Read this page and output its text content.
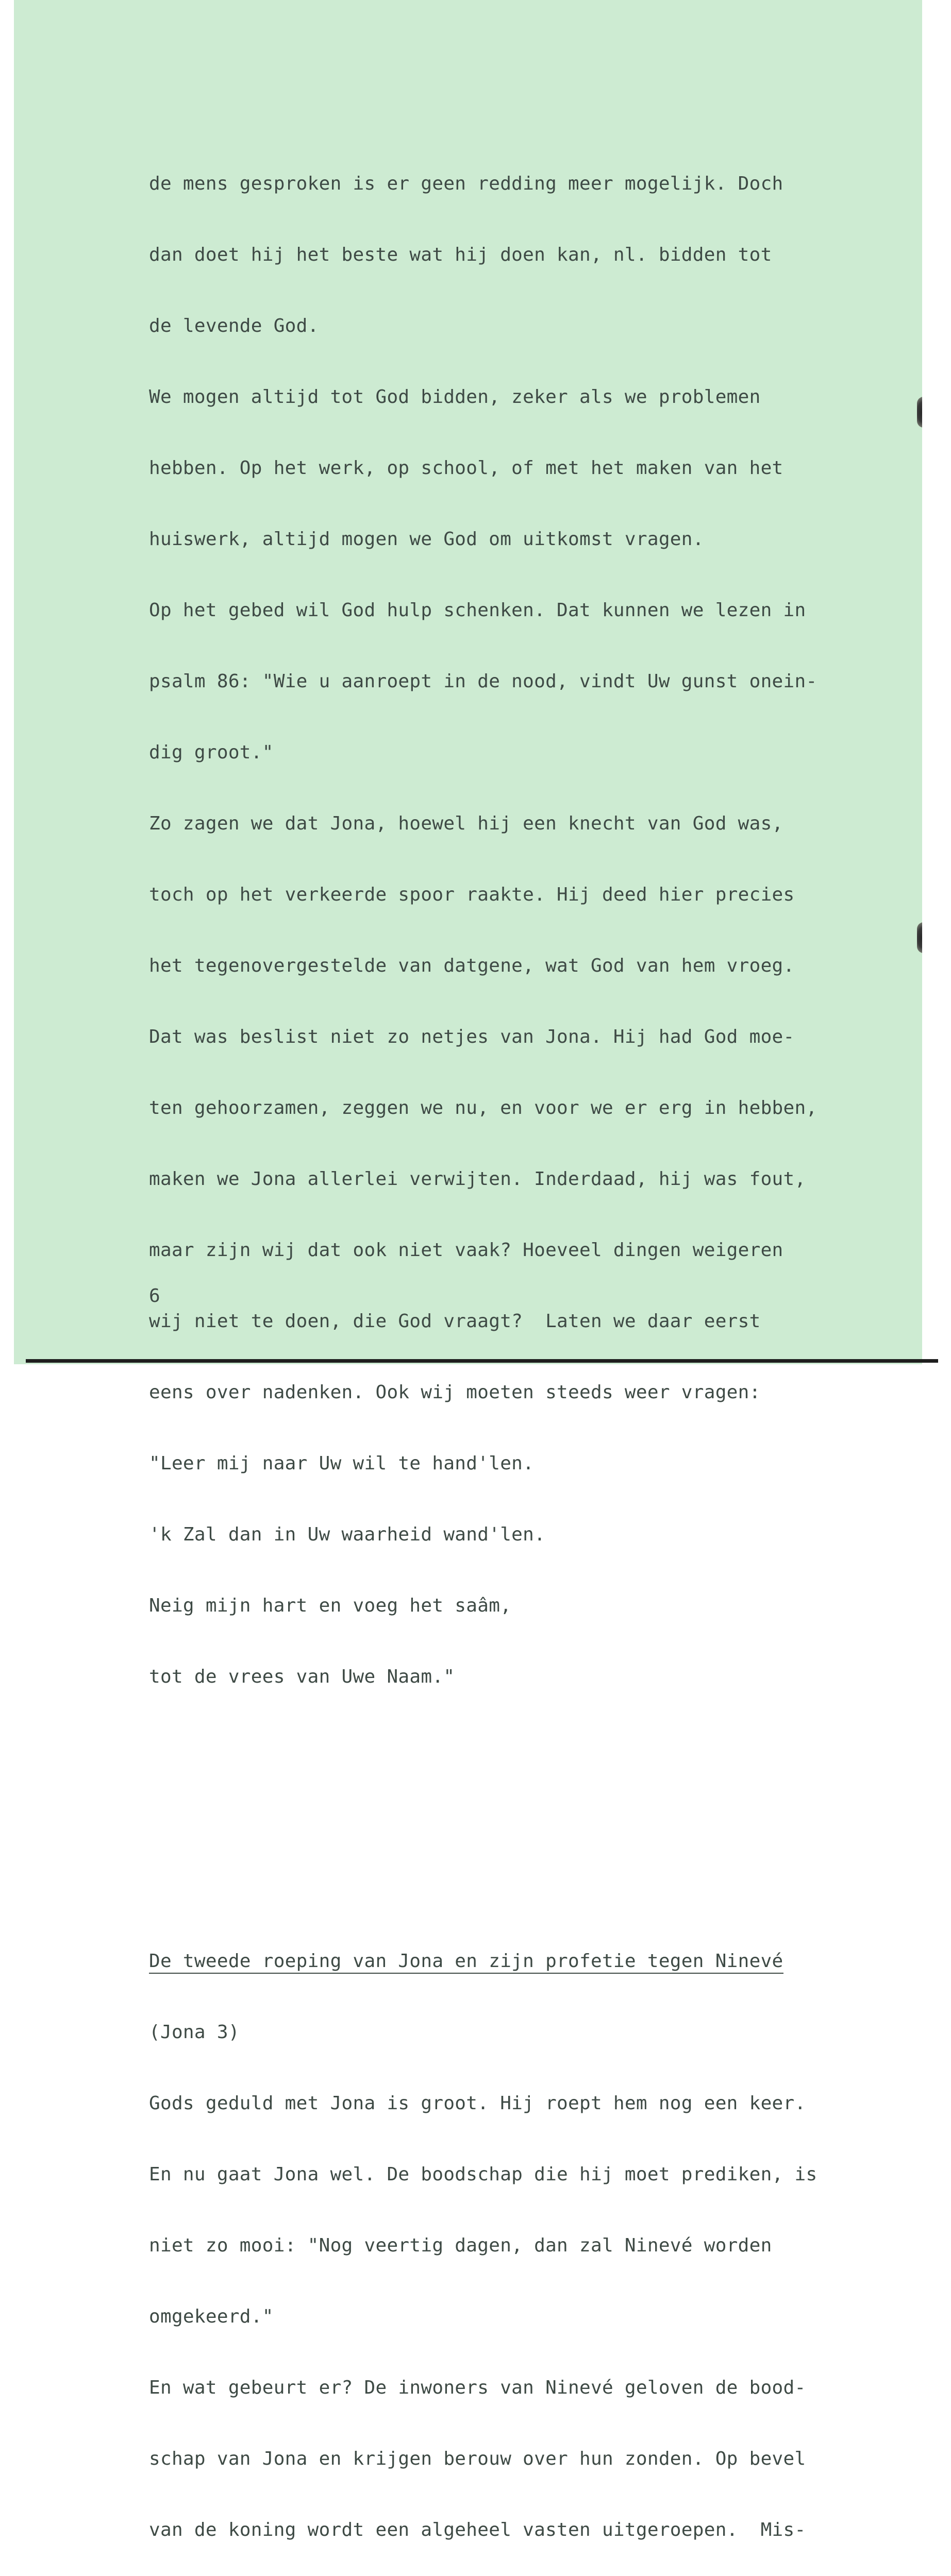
de mens gesproken is er geen redding meer mogelijk. Doch

dan doet hij het beste wat hij doen kan, nl. bidden tot

de levende God.

We mogen altijd tot God bidden, zeker als we problemen

hebben. Op het werk, op school, of met het maken van het

huiswerk, altijd mogen we God om uitkomst vragen.

Op het gebed wil God hulp schenken. Dat kunnen we lezen in

psalm 86: "Wie u aanroept in de nood, vindt Uw gunst onein-

dig groot."

Zo zagen we dat Jona, hoewel hij een knecht van God was,

toch op het verkeerde spoor raakte. Hij deed hier precies

het tegenovergestelde van datgene, wat God van hem vroeg.

Dat was beslist niet zo netjes van Jona. Hij had God moe-

ten gehoorzamen, zeggen we nu, en voor we er erg in hebben,

maken we Jona allerlei verwijten. Inderdaad, hij was fout,

maar zijn wij dat ook niet vaak? Hoeveel dingen weigeren

wij niet te doen, die God vraagt?  Laten we daar eerst

eens over nadenken. Ook wij moeten steeds weer vragen:

"Leer mij naar Uw wil te hand'len.

'k Zal dan in Uw waarheid wand'len.

Neig mijn hart en voeg het saâm,

tot de vrees van Uwe Naam."

De tweede roeping van Jona en zijn profetie tegen Ninevé

(Jona 3)

Gods geduld met Jona is groot. Hij roept hem nog een keer.

En nu gaat Jona wel. De boodschap die hij moet prediken, is

niet zo mooi: "Nog veertig dagen, dan zal Ninevé worden

omgekeerd."

En wat gebeurt er? De inwoners van Ninevé geloven de bood-

schap van Jona en krijgen berouw over hun zonden. Op bevel

van de koning wordt een algeheel vasten uitgeroepen.  Mis-

6
